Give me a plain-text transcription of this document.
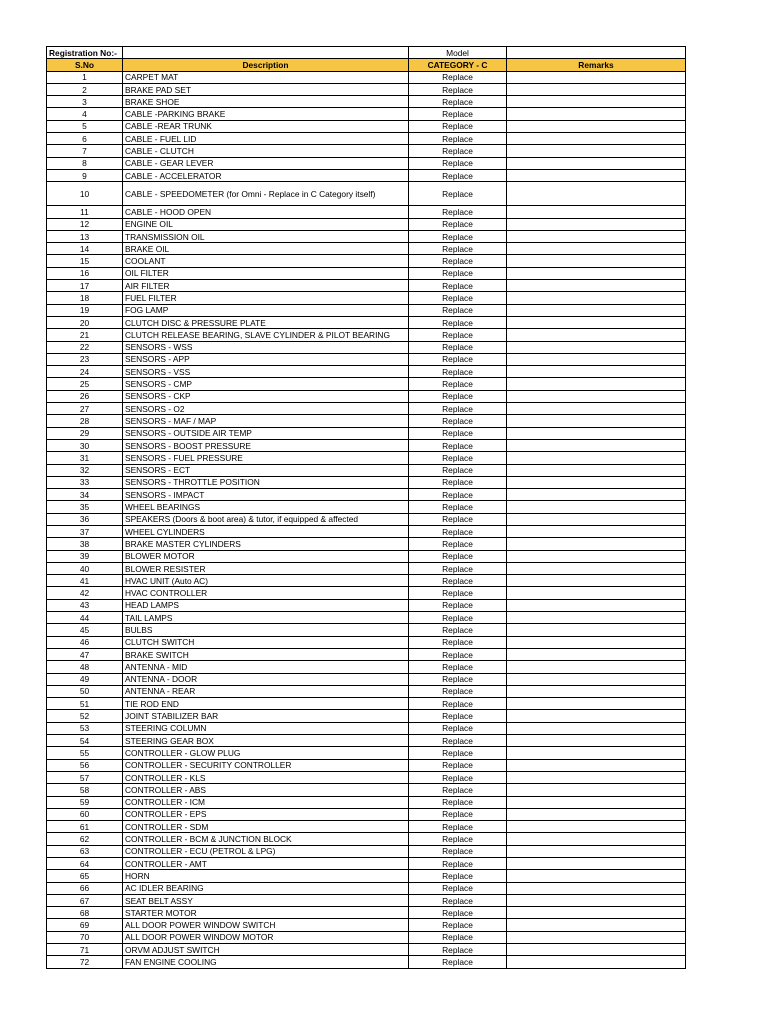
Registration No:-		Model	
S.No	Description	CATEGORY - C	Remarks
1	CARPET MAT	Replace	
2	BRAKE PAD SET	Replace	
3	BRAKE SHOE	Replace	
4	CABLE -PARKING BRAKE	Replace	
5	CABLE -REAR TRUNK	Replace	
6	CABLE - FUEL LID	Replace	
7	CABLE - CLUTCH	Replace	
8	CABLE - GEAR LEVER	Replace	
9	CABLE - ACCELERATOR	Replace	
10	CABLE - SPEEDOMETER (for Omni - Replace in C Category itself)	Replace	
11	CABLE - HOOD OPEN	Replace	
12	ENGINE OIL	Replace	
13	TRANSMISSION OIL	Replace	
14	BRAKE OIL	Replace	
15	COOLANT	Replace	
16	OIL FILTER	Replace	
17	AIR FILTER	Replace	
18	FUEL FILTER	Replace	
19	FOG LAMP	Replace	
20	CLUTCH DISC & PRESSURE PLATE	Replace	
21	CLUTCH RELEASE BEARING, SLAVE CYLINDER & PILOT BEARING	Replace	
22	SENSORS - WSS	Replace	
23	SENSORS - APP	Replace	
24	SENSORS - VSS	Replace	
25	SENSORS - CMP	Replace	
26	SENSORS - CKP	Replace	
27	SENSORS - O2	Replace	
28	SENSORS - MAF / MAP	Replace	
29	SENSORS - OUTSIDE AIR TEMP	Replace	
30	SENSORS - BOOST PRESSURE	Replace	
31	SENSORS - FUEL PRESSURE	Replace	
32	SENSORS - ECT	Replace	
33	SENSORS - THROTTLE POSITION	Replace	
34	SENSORS - IMPACT	Replace	
35	WHEEL BEARINGS	Replace	
36	SPEAKERS (Doors & boot area) & tutor, if equipped & affected	Replace	
37	WHEEL CYLINDERS	Replace	
38	BRAKE MASTER CYLINDERS	Replace	
39	BLOWER MOTOR	Replace	
40	BLOWER RESISTER	Replace	
41	HVAC UNIT (Auto AC)	Replace	
42	HVAC CONTROLLER	Replace	
43	HEAD LAMPS	Replace	
44	TAIL LAMPS	Replace	
45	BULBS	Replace	
46	CLUTCH SWITCH	Replace	
47	BRAKE SWITCH	Replace	
48	ANTENNA - MID	Replace	
49	ANTENNA - DOOR	Replace	
50	ANTENNA - REAR	Replace	
51	TIE ROD END	Replace	
52	JOINT STABILIZER BAR	Replace	
53	STEERING COLUMN	Replace	
54	STEERING GEAR BOX	Replace	
55	CONTROLLER - GLOW PLUG	Replace	
56	CONTROLLER - SECURITY CONTROLLER	Replace	
57	CONTROLLER - KLS	Replace	
58	CONTROLLER - ABS	Replace	
59	CONTROLLER - ICM	Replace	
60	CONTROLLER - EPS	Replace	
61	CONTROLLER - SDM	Replace	
62	CONTROLLER - BCM & JUNCTION BLOCK	Replace	
63	CONTROLLER - ECU (PETROL & LPG)	Replace	
64	CONTROLLER - AMT	Replace	
65	HORN	Replace	
66	AC IDLER BEARING	Replace	
67	SEAT BELT ASSY	Replace	
68	STARTER MOTOR	Replace	
69	ALL DOOR POWER WINDOW SWITCH	Replace	
70	ALL DOOR POWER WINDOW MOTOR	Replace	
71	ORVM ADJUST SWITCH	Replace	
72	FAN ENGINE COOLING	Replace	
